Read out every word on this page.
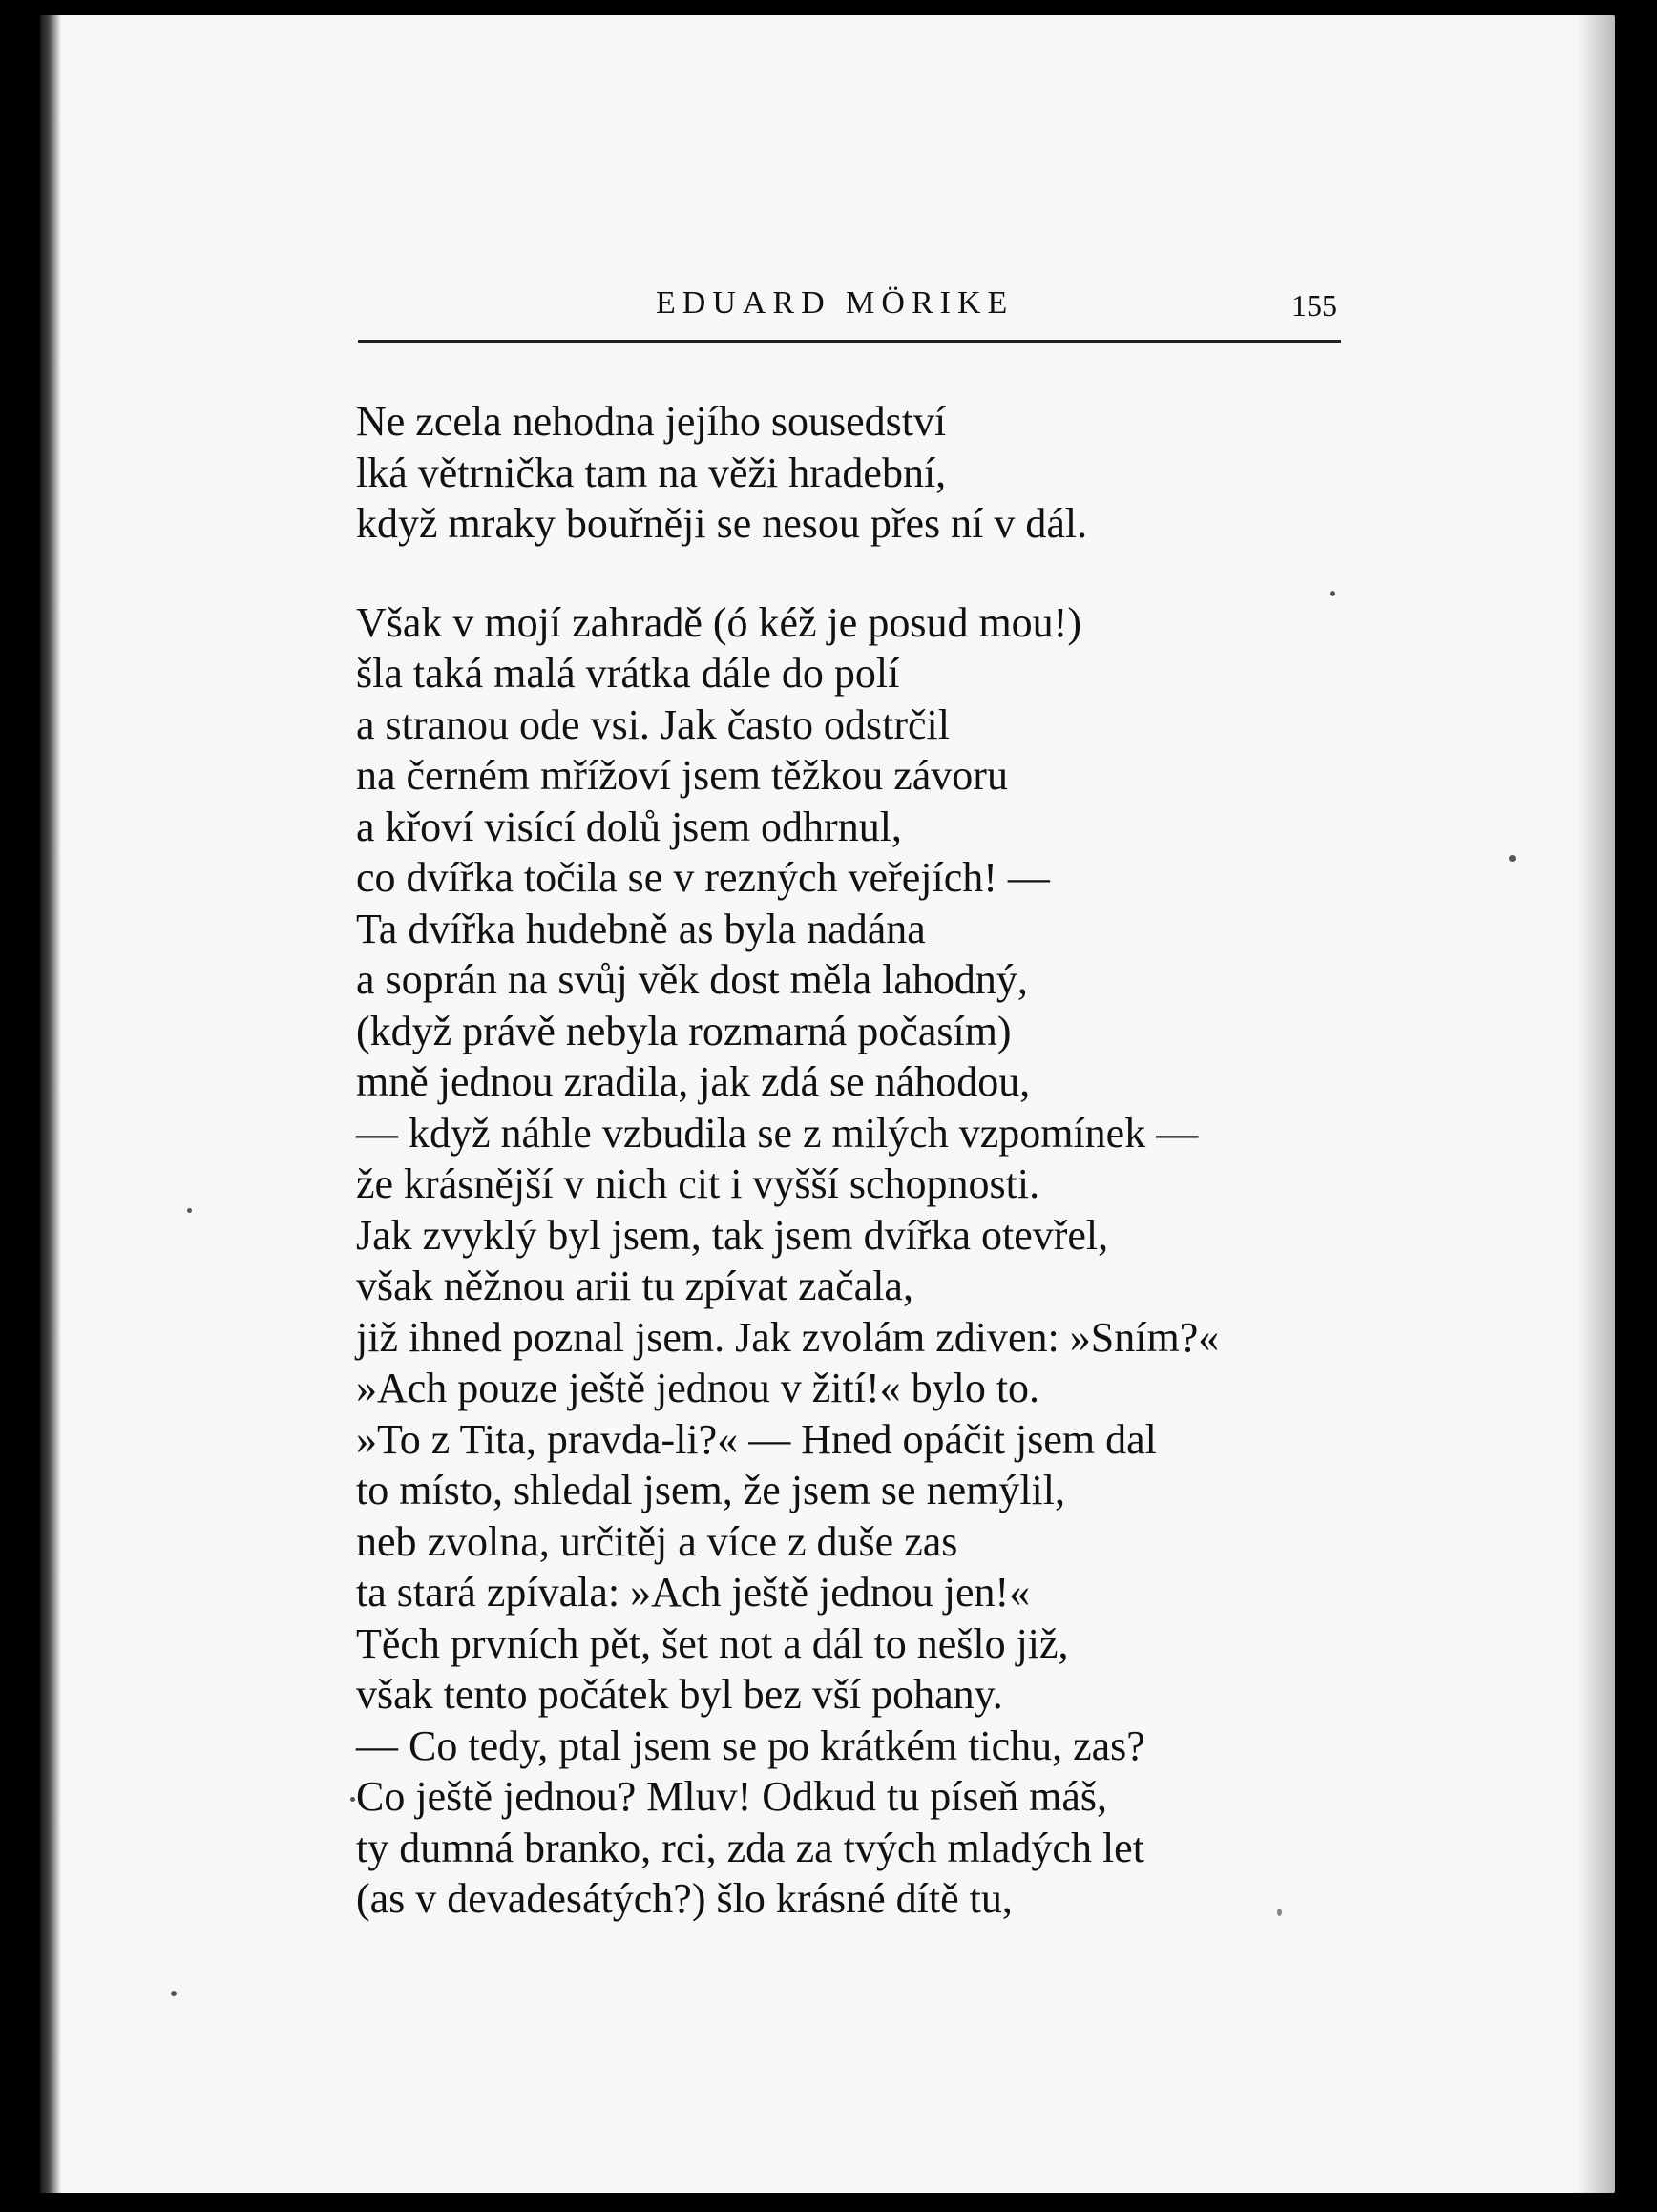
EDUARD MÖRIKE	155
Ne zcela nehodna jejího sousedství
lká větrnička tam na věži hradební,
když mraky bouřněji se nesou přes ní v dál.
Však v mojí zahradě (ó kéž je posud mou!)
šla taká malá vrátka dále do polí
a stranou ode vsi. Jak často odstrčil
na černém mřížoví jsem těžkou závoru
a křoví visící dolů jsem odhrnul,
co dvířka točila se v rezných veřejích! —
Ta dvířka hudebně as byla nadána
a soprán na svůj věk dost měla lahodný,
(když právě nebyla rozmarná počasím)
mně jednou zradila, jak zdá se náhodou,
— když náhle vzbudila se z milých vzpomínek —
že krásnější v nich cit i vyšší schopnosti.
Jak zvyklý byl jsem, tak jsem dvířka otevřel,
však něžnou arii tu zpívat začala,
již ihned poznal jsem. Jak zvolám zdiven: »Sním?«
»Ach pouze ještě jednou v žití!« bylo to.
»To z Tita, pravda-li?« — Hned opáčit jsem dal
to místo, shledal jsem, že jsem se nemýlil,
neb zvolna, určitěj a více z duše zas
ta stará zpívala: »Ach ještě jednou jen!«
Těch prvních pět, šet not a dál to nešlo již,
však tento počátek byl bez vší pohany.
— Co tedy, ptal jsem se po krátkém tichu, zas?
Co ještě jednou? Mluv! Odkud tu píseň máš,
ty dumná branko, rci, zda za tvých mladých let
(as v devadesátých?) šlo krásné dítě tu,
